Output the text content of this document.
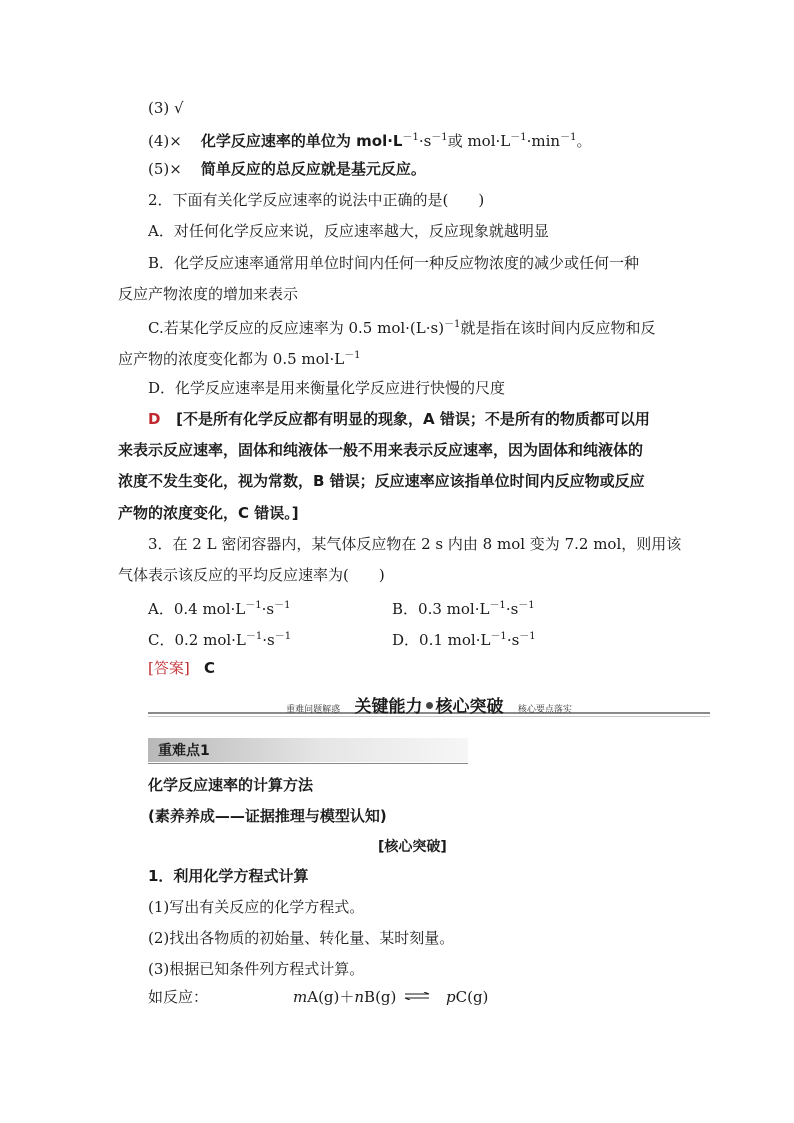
(3) √
(4)× 化学反应速率的单位为 $mol\cdot L^{-1}\cdot s^{-1}$或 $mol\cdot L^{-1}\cdot\min^{-1}$。
(5)× 简单反应的总反应就是基元反应。
2．下面有关化学反应速率的说法中正确的是(　　)
A．对任何化学反应来说，反应速率越大，反应现象就越明显
B．化学反应速率通常用单位时间内任何一种反应物浓度的减少或任何一种
反应产物浓度的增加来表示
C.若某化学反应的反应速率为 0.5 $mol\cdot(L\cdot s)^{-1}$就是指在该时间内反应物和反
应产物的浓度变化都为 0.5 $mol\cdot L^{-1}$
D．化学反应速率是用来衡量化学反应进行快慢的尺度
D [不是所有化学反应都有明显的现象，A 错误；不是所有的物质都可以用
来表示反应速率，固体和纯液体一般不用来表示反应速率，因为固体和纯液体的
浓度不发生变化，视为常数，B 错误；反应速率应该指单位时间内反应物或反应
产物的浓度变化，C 错误。]
3．在 2 L 密闭容器内，某气体反应物在 2 s 内由 8 mol 变为 7.2 mol，则用该
气体表示该反应的平均反应速率为(　　)
A．0.4 $mol\cdot L^{-1}\cdot s^{-1}$	B．0.3 $mol\cdot L^{-1}\cdot s^{-1}$
C．0.2 $mol\cdot L^{-1}\cdot s^{-1}$	D．0.1 $mol\cdot L^{-1}\cdot s^{-1}$
[答案] C
重难问题解惑 关键能力 核心突破 核心要点落实
重难点1
化学反应速率的计算方法
(素养养成——证据推理与模型认知)
[核心突破]
1．利用化学方程式计算
(1)写出有关反应的化学方程式。
(2)找出各物质的初始量、转化量、某时刻量。
(3)根据已知条件列方程式计算。
如反应：	mA(g)＋nB(g) ⇌ pC(g)
